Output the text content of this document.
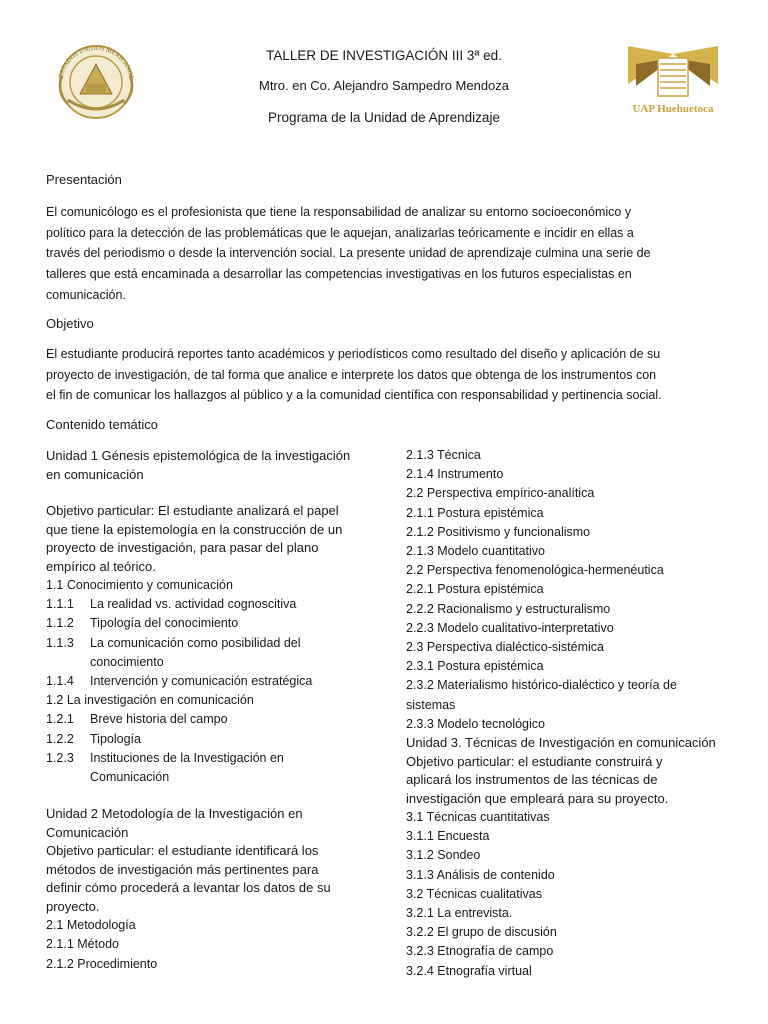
ESTADOS UNIDOS MEXICANOS
UAP Huehuetoca
TALLER DE INVESTIGACIÓN III 3ª ed.
Mtro. en Co. Alejandro Sampedro Mendoza
Programa de la Unidad de Aprendizaje
Presentación
El comunicólogo es el profesionista que tiene la responsabilidad de analizar su entorno socioeconómico y
político para la detección de las problemáticas que le aquejan, analizarlas teóricamente e incidir en ellas a
través del periodismo o desde la intervención social. La presente unidad de aprendizaje culmina una serie de
talleres que está encaminada a desarrollar las competencias investigativas en los futuros especialistas en
comunicación.
Objetivo
El estudiante producirá reportes tanto académicos y periodísticos como resultado del diseño y aplicación de su
proyecto de investigación, de tal forma que analice e interprete los datos que obtenga de los instrumentos con
el fin de comunicar los hallazgos al público y a la comunidad científica con responsabilidad y pertinencia social.
Contenido temático
Unidad 1 Génesis epistemológica de la investigación
en comunicación
Objetivo particular: El estudiante analizará el papel
que tiene la epistemología en la construcción de un
proyecto de investigación, para pasar del plano
empírico al teórico.
1.1 Conocimiento y comunicación
1.1.1 La realidad vs. actividad cognoscitiva
1.1.2 Tipología del conocimiento
1.1.3 La comunicación como posibilidad del
conocimiento
1.1.4 Intervención y comunicación estratégica
1.2 La investigación en comunicación
1.2.1 Breve historia del campo
1.2.2 Tipología
1.2.3 Instituciones de la Investigación en
Comunicación
Unidad 2 Metodología de la Investigación en
Comunicación
Objetivo particular: el estudiante identificará los
métodos de investigación más pertinentes para
definir cómo procederá a levantar los datos de su
proyecto.
2.1 Metodología
2.1.1 Método
2.1.2 Procedimiento
2.1.3 Técnica
2.1.4 Instrumento
2.2 Perspectiva empírico-analítica
2.1.1 Postura epistémica
2.1.2 Positivismo y funcionalismo
2.1.3 Modelo cuantitativo
2.2 Perspectiva fenomenológica-hermenéutica
2.2.1 Postura epistémica
2.2.2 Racionalismo y estructuralismo
2.2.3 Modelo cualitativo-interpretativo
2.3 Perspectiva dialéctico-sistémica
2.3.1 Postura epistémica
2.3.2 Materialismo histórico-dialéctico y teoría de
sistemas
2.3.3 Modelo tecnológico
Unidad 3. Técnicas de Investigación en comunicación
Objetivo particular: el estudiante construirá y
aplicará los instrumentos de las técnicas de
investigación que empleará para su proyecto.
3.1 Técnicas cuantitativas
3.1.1 Encuesta
3.1.2 Sondeo
3.1.3 Análisis de contenido
3.2 Técnicas cualitativas
3.2.1 La entrevista.
3.2.2 El grupo de discusión
3.2.3 Etnografía de campo
3.2.4 Etnografía virtual
